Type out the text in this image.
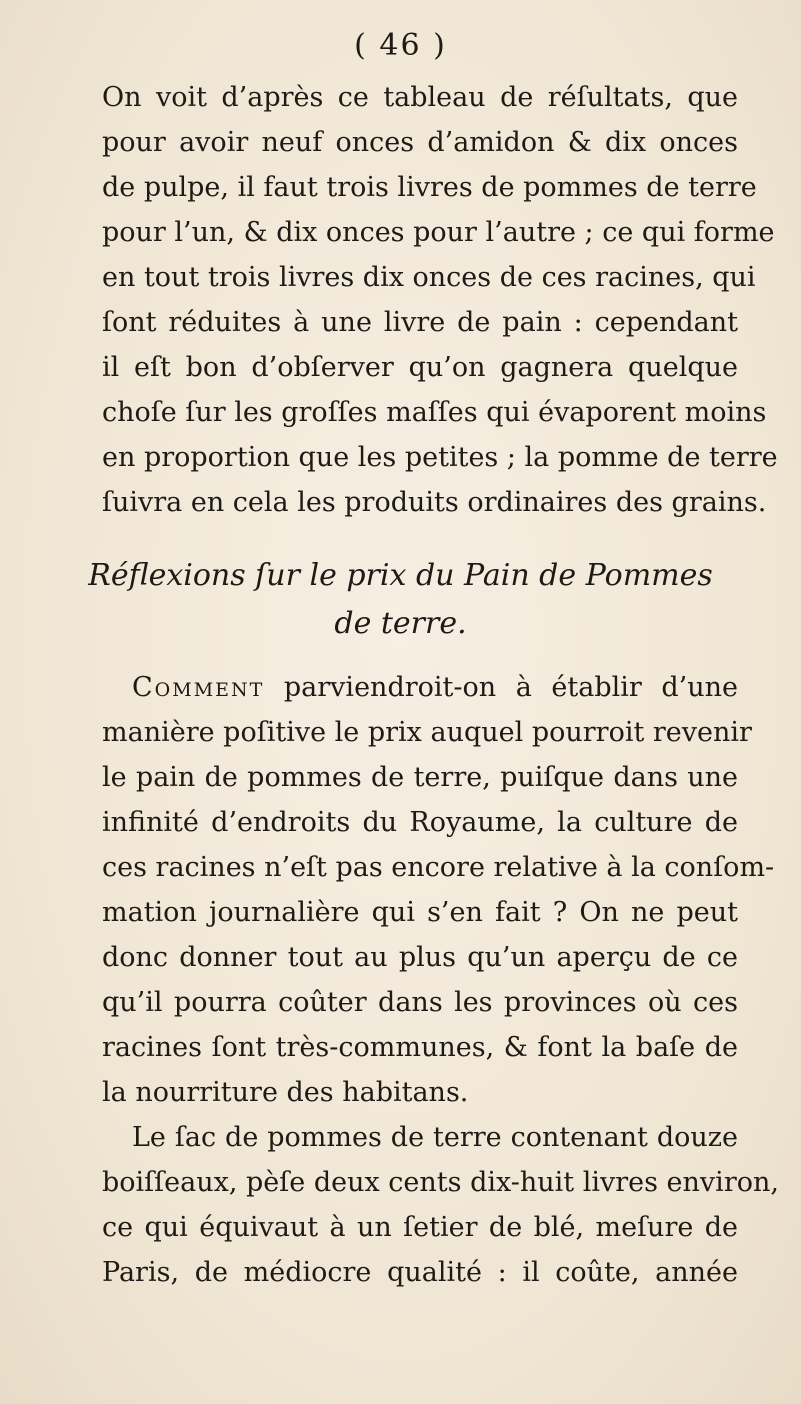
( 46 )
On voit d’après ce tableau de réſultats, que
pour avoir neuf onces d’amidon & dix onces
de pulpe, il faut trois livres de pommes de terre
pour l’un, & dix onces pour l’autre ; ce qui forme
en tout trois livres dix onces de ces racines, qui
ſont réduites à une livre de pain : cependant
il eſt bon d’obſerver qu’on gagnera quelque
choſe ſur les groſſes maſſes qui évaporent moins
en proportion que les petites ; la pomme de terre
ſuivra en cela les produits ordinaires des grains.
Réflexions ſur le prix du Pain de Pommes
de terre.
Comment parviendroit-on à établir d’une
manière poſitive le prix auquel pourroit revenir
le pain de pommes de terre, puiſque dans une
infinité d’endroits du Royaume, la culture de
ces racines n’eſt pas encore relative à la conſom-
mation journalière qui s’en fait ? On ne peut
donc donner tout au plus qu’un aperçu de ce
qu’il pourra coûter dans les provinces où ces
racines ſont très-communes, & font la baſe de
la nourriture des habitans.
Le ſac de pommes de terre contenant douze
boiſſeaux, pèſe deux cents dix-huit livres environ,
ce qui équivaut à un ſetier de blé, meſure de
Paris, de médiocre qualité : il coûte, année
